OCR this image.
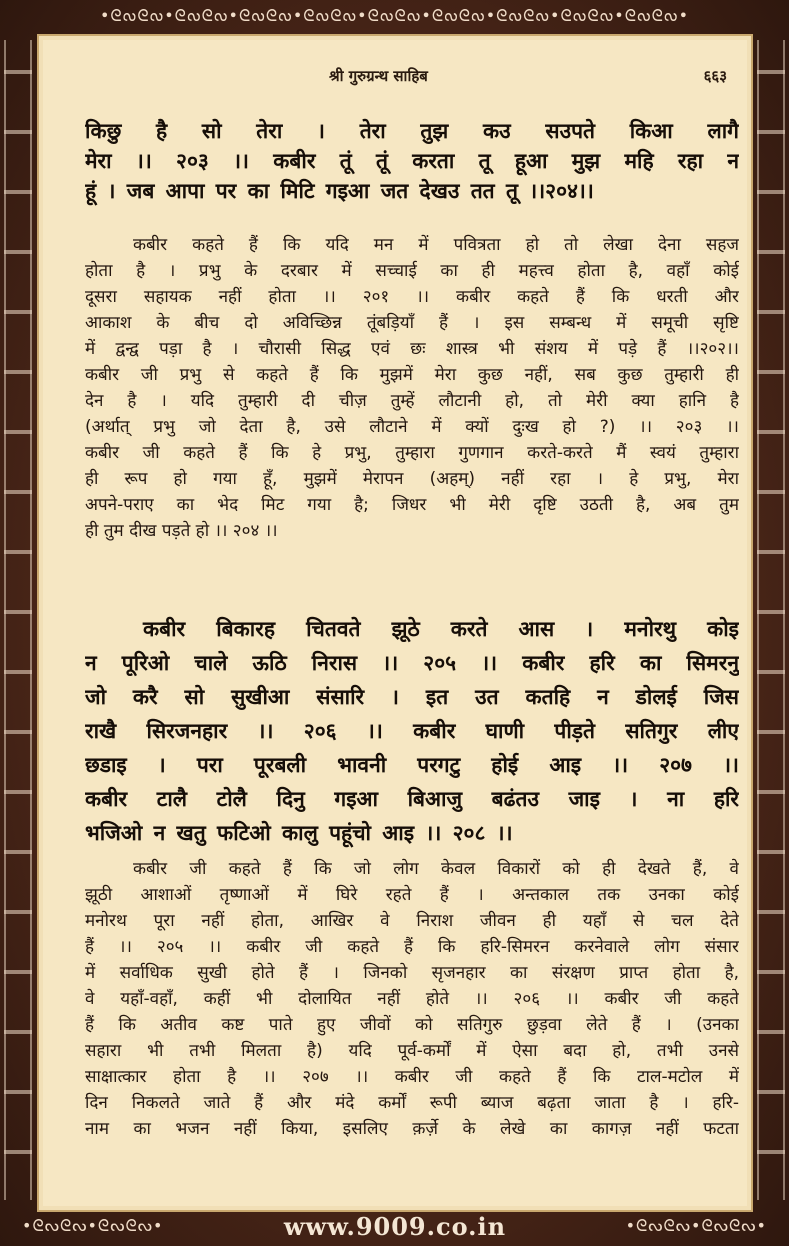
•ᘓᔓᘓᔓ•ᘓᔓᘓᔓ•ᘓᔓᘓᔓ•ᘓᔓᘓᔓ•ᘓᔓᘓᔓ•ᘓᔓᘓᔓ•ᘓᔓᘓᔓ•ᘓᔓᘓᔓ•ᘓᔓᘓᔓ•
श्री गुरुग्रन्थ साहिब	६६३
किछु है सो तेरा । तेरा तुझ कउ सउपते किआ लागै
मेरा ।। २०३ ।। कबीर तूं तूं करता तू हूआ मुझ महि रहा न
हूं । जब आपा पर का मिटि गइआ जत देखउ तत तू ।।२०४।।
कबीर कहते हैं कि यदि मन में पवित्रता हो तो लेखा देना सहज
होता है । प्रभु के दरबार में सच्चाई का ही महत्त्व होता है, वहाँ कोई
दूसरा सहायक नहीं होता ।। २०१ ।। कबीर कहते हैं कि धरती और
आकाश के बीच दो अविच्छिन्न तूंबड़ियाँ हैं । इस सम्बन्ध में समूची सृष्टि
में द्वन्द्व पड़ा है । चौरासी सिद्ध एवं छः शास्त्र भी संशय में पड़े हैं ।।२०२।।
कबीर जी प्रभु से कहते हैं कि मुझमें मेरा कुछ नहीं, सब कुछ तुम्हारी ही
देन है । यदि तुम्हारी दी चीज़ तुम्हें लौटानी हो, तो मेरी क्या हानि है
(अर्थात् प्रभु जो देता है, उसे लौटाने में क्यों दुःख हो ?) ।। २०३ ।।
कबीर जी कहते हैं कि हे प्रभु, तुम्हारा गुणगान करते-करते मैं स्वयं तुम्हारा
ही रूप हो गया हूँ, मुझमें मेरापन (अहम्) नहीं रहा । हे प्रभु, मेरा
अपने-पराए का भेद मिट गया है; जिधर भी मेरी दृष्टि उठती है, अब तुम
ही तुम दीख पड़ते हो ।। २०४ ।।
कबीर बिकारह चितवते झूठे करते आस । मनोरथु कोइ
न पूरिओ चाले ऊठि निरास ।। २०५ ।। कबीर हरि का सिमरनु
जो करै सो सुखीआ संसारि । इत उत कतहि न डोलई जिस
राखै सिरजनहार ।। २०६ ।। कबीर घाणी पीड़ते सतिगुर लीए
छडाइ । परा पूरबली भावनी परगटु होई आइ ।। २०७ ।।
कबीर टालै टोलै दिनु गइआ बिआजु बढंतउ जाइ । ना हरि
भजिओ न खतु फटिओ कालु पहूंचो आइ ।। २०८ ।।
कबीर जी कहते हैं कि जो लोग केवल विकारों को ही देखते हैं, वे
झूठी आशाओं तृष्णाओं में घिरे रहते हैं । अन्तकाल तक उनका कोई
मनोरथ पूरा नहीं होता, आखिर वे निराश जीवन ही यहाँ से चल देते
हैं ।। २०५ ।। कबीर जी कहते हैं कि हरि-सिमरन करनेवाले लोग संसार
में सर्वाधिक सुखी होते हैं । जिनको सृजनहार का संरक्षण प्राप्त होता है,
वे यहाँ-वहाँ, कहीं भी दोलायित नहीं होते ।। २०६ ।। कबीर जी कहते
हैं कि अतीव कष्ट पाते हुए जीवों को सतिगुरु छुड़वा लेते हैं । (उनका
सहारा भी तभी मिलता है) यदि पूर्व-कर्मों में ऐसा बदा हो, तभी उनसे
साक्षात्कार होता है ।। २०७ ।। कबीर जी कहते हैं कि टाल-मटोल में
दिन निकलते जाते हैं और मंदे कर्मों रूपी ब्याज बढ़ता जाता है । हरि-
नाम का भजन नहीं किया, इसलिए क़र्ज़े के लेखे का कागज़ नहीं फटता
•ᘓᔓᘓᔓ•ᘓᔓᘓᔓ•	www.9009.co.in	•ᘓᔓᘓᔓ•ᘓᔓᘓᔓ•
